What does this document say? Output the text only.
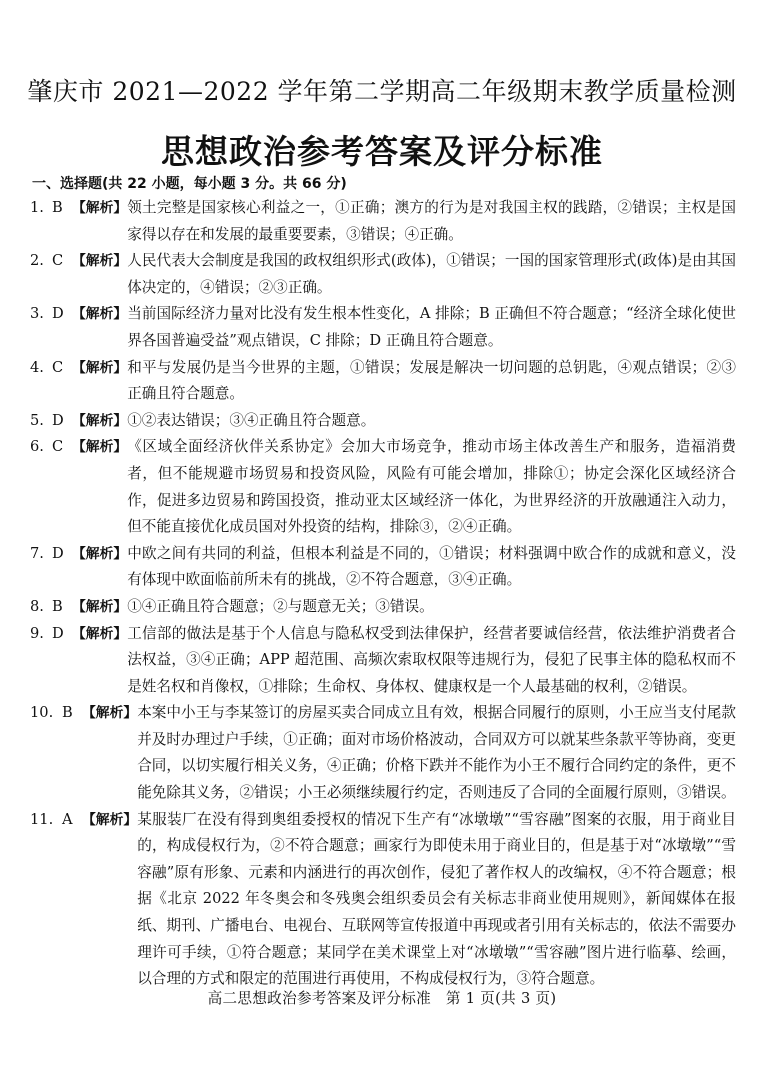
肇庆市 2021—2022 学年第二学期高二年级期末教学质量检测
思想政治参考答案及评分标准
一、选择题(共 22 小题，每小题 3 分。共 66 分)
1. B 【解析】 领土完整是国家核心利益之一，①正确；澳方的行为是对我国主权的践踏，②错误；主权是国家得以存在和发展的最重要要素，③错误；④正确。
2. C 【解析】 人民代表大会制度是我国的政权组织形式(政体)，①错误；一国的国家管理形式(政体)是由其国体决定的，④错误；②③正确。
3. D 【解析】 当前国际经济力量对比没有发生根本性变化，A 排除；B 正确但不符合题意；“经济全球化使世界各国普遍受益”观点错误，C 排除；D 正确且符合题意。
4. C 【解析】 和平与发展仍是当今世界的主题，①错误；发展是解决一切问题的总钥匙，④观点错误；②③正确且符合题意。
5. D 【解析】 ①②表达错误；③④正确且符合题意。
6. C 【解析】 《区域全面经济伙伴关系协定》会加大市场竞争，推动市场主体改善生产和服务，造福消费者，但不能规避市场贸易和投资风险，风险有可能会增加，排除①；协定会深化区域经济合作，促进多边贸易和跨国投资，推动亚太区域经济一体化，为世界经济的开放融通注入动力，但不能直接优化成员国对外投资的结构，排除③，②④正确。
7. D 【解析】 中欧之间有共同的利益，但根本利益是不同的，①错误；材料强调中欧合作的成就和意义，没有体现中欧面临前所未有的挑战，②不符合题意，③④正确。
8. B 【解析】 ①④正确且符合题意；②与题意无关；③错误。
9. D 【解析】 工信部的做法是基于个人信息与隐私权受到法律保护，经营者要诚信经营，依法维护消费者合法权益，③④正确；APP 超范围、高频次索取权限等违规行为，侵犯了民事主体的隐私权而不是姓名权和肖像权，①排除；生命权、身体权、健康权是一个人最基础的权利，②错误。
10. B 【解析】 本案中小王与李某签订的房屋买卖合同成立且有效，根据合同履行的原则，小王应当支付尾款并及时办理过户手续，①正确；面对市场价格波动，合同双方可以就某些条款平等协商，变更合同，以切实履行相关义务，④正确；价格下跌并不能作为小王不履行合同约定的条件，更不能免除其义务，②错误；小王必须继续履行约定，否则违反了合同的全面履行原则，③错误。
11. A 【解析】 某服装厂在没有得到奥组委授权的情况下生产有“冰墩墩”“雪容融”图案的衣服，用于商业目的，构成侵权行为，②不符合题意；画家行为即使未用于商业目的，但是基于对“冰墩墩”“雪容融”原有形象、元素和内涵进行的再次创作，侵犯了著作权人的改编权，④不符合题意；根据《北京 2022 年冬奥会和冬残奥会组织委员会有关标志非商业使用规则》，新闻媒体在报纸、期刊、广播电台、电视台、互联网等宣传报道中再现或者引用有关标志的，依法不需要办理许可手续，①符合题意；某同学在美术课堂上对“冰墩墩”“雪容融”图片进行临摹、绘画，以合理的方式和限定的范围进行再使用，不构成侵权行为，③符合题意。
高二思想政治参考答案及评分标准　第 1 页(共 3 页)
